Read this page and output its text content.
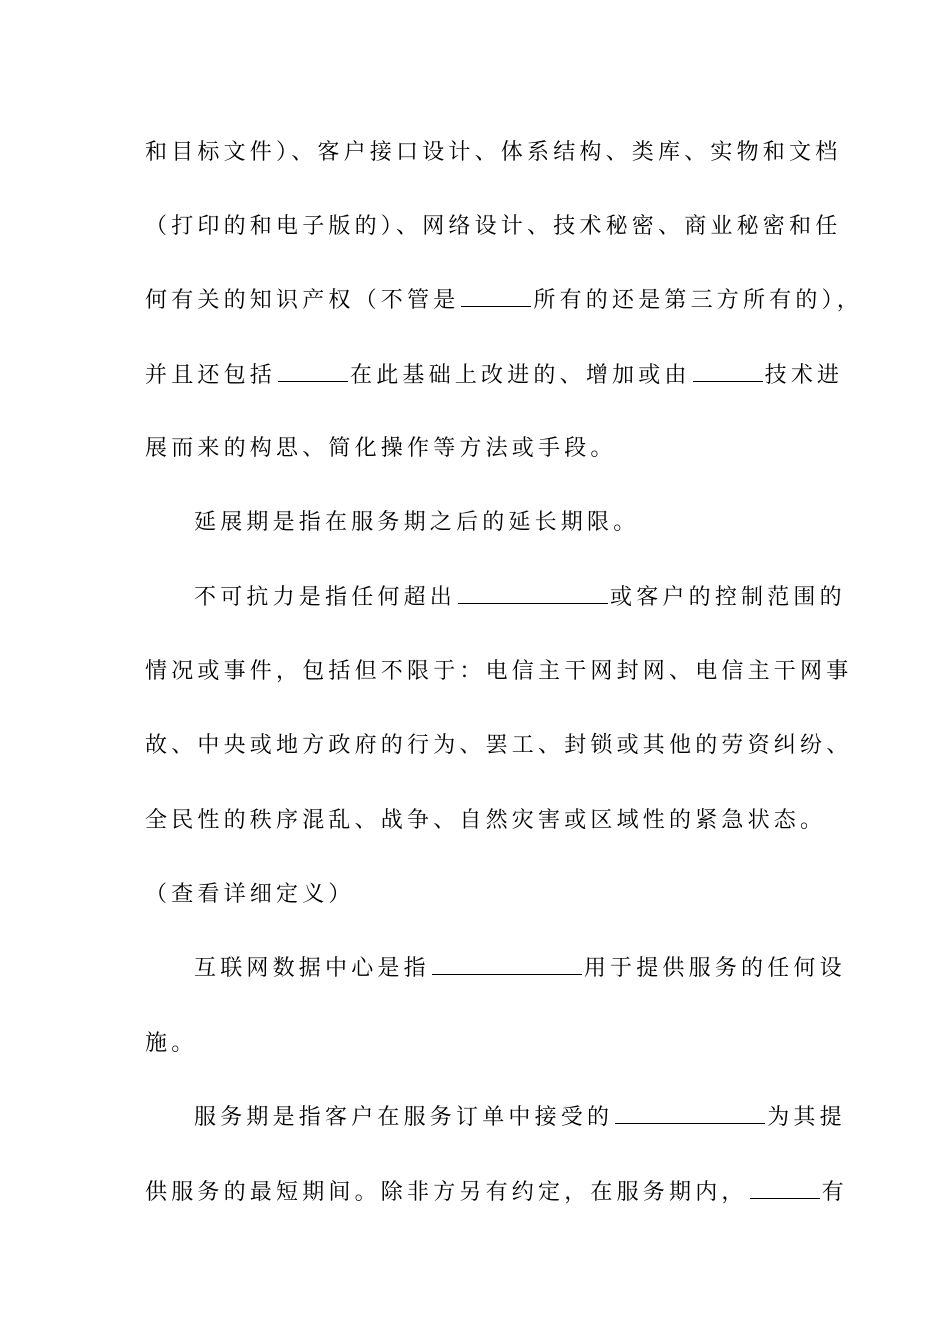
和目标文件）、客户接口设计、体系结构、类库、实物和文档
（打印的和电子版的）、网络设计、技术秘密、商业秘密和任
何有关的知识产权（不管是	所有的还是第三方所有的），
并且还包括	在此基础上改进的、增加或由	技术进
展而来的构思、简化操作等方法或手段。
延展期是指在服务期之后的延长期限。
不可抗力是指任何超出	或客户的控制范围的
情况或事件，包括但不限于：电信主干网封网、电信主干网事
故、中央或地方政府的行为、罢工、封锁或其他的劳资纠纷、
全民性的秩序混乱、战争、自然灾害或区域性的紧急状态。
（查看详细定义）
互联网数据中心是指	用于提供服务的任何设
施。
服务期是指客户在服务订单中接受的	为其提
供服务的最短期间。除非方另有约定，在服务期内，	有
